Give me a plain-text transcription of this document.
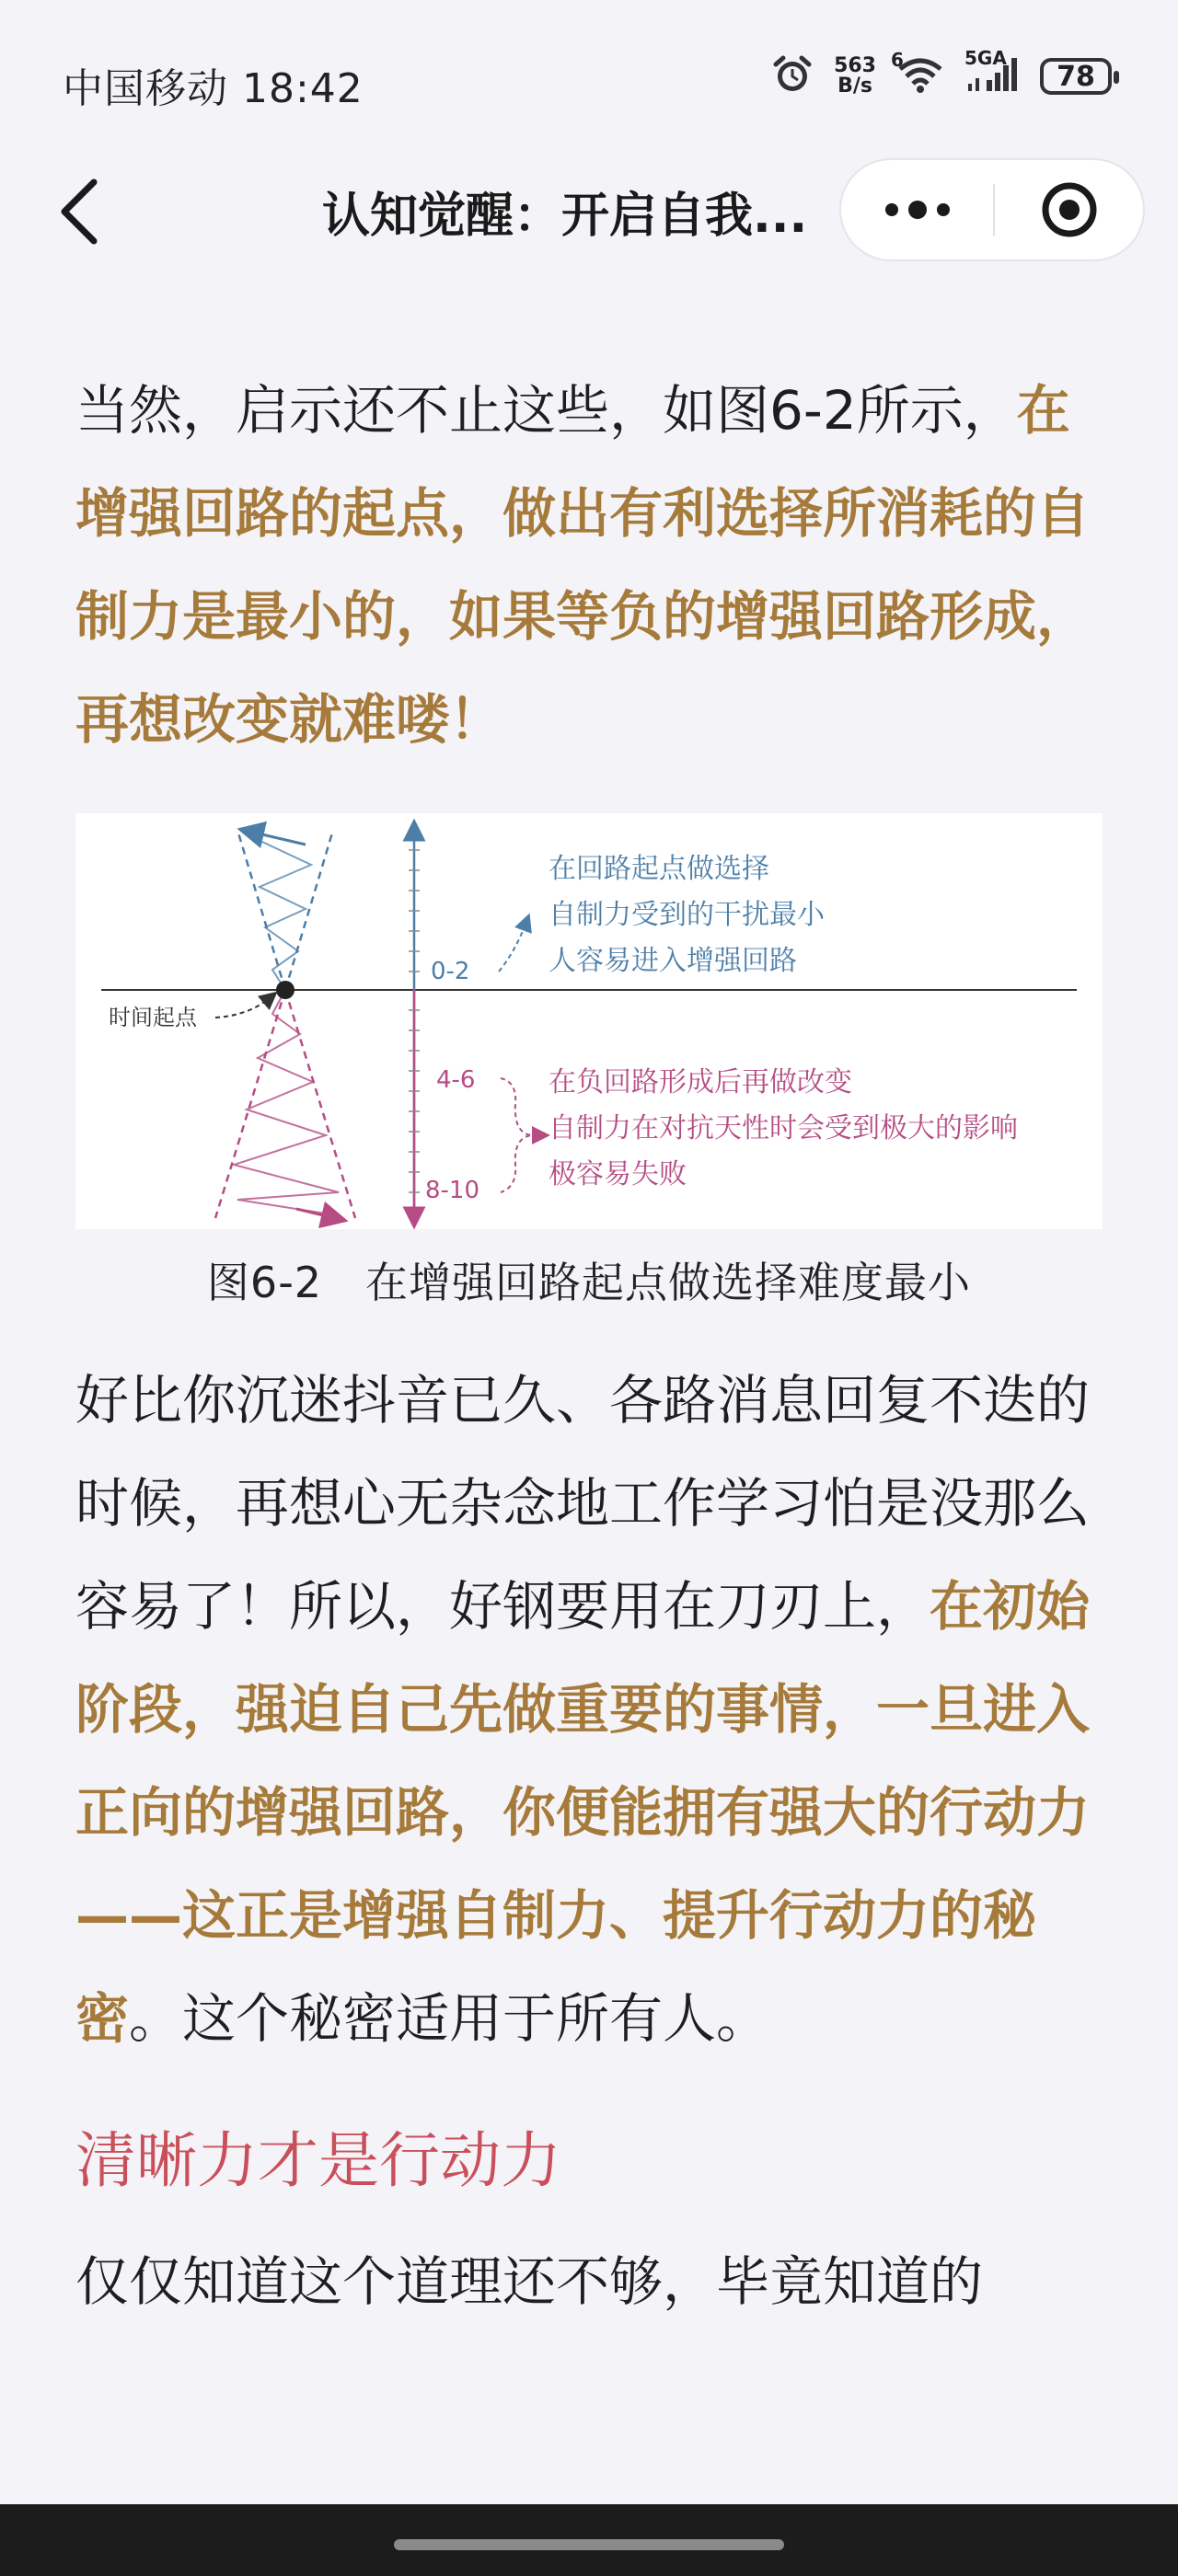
中国移动 18:42	563
B/s
6	5GA
78
认知觉醒：开启自我...

当然，启示还不止这些，如图6-2所示，在增强回路的起点，做出有利选择所消耗的自制力是最小的，如果等负的增强回路形成，再想改变就难喽！

时间起点
0-2
4-6
8-10
在回路起点做选择
自制力受到的干扰最小
人容易进入增强回路
在负回路形成后再做改变
自制力在对抗天性时会受到极大的影响
极容易失败
图6-2　在增强回路起点做选择难度最小

好比你沉迷抖音已久、各路消息回复不迭的时候，再想心无杂念地工作学习怕是没那么容易了！所以，好钢要用在刀刃上，在初始阶段，强迫自己先做重要的事情，一旦进入正向的增强回路，你便能拥有强大的行动力——这正是增强自制力、提升行动力的秘密。这个秘密适用于所有人。

清晰力才是行动力

仅仅知道这个道理还不够，毕竟知道的
